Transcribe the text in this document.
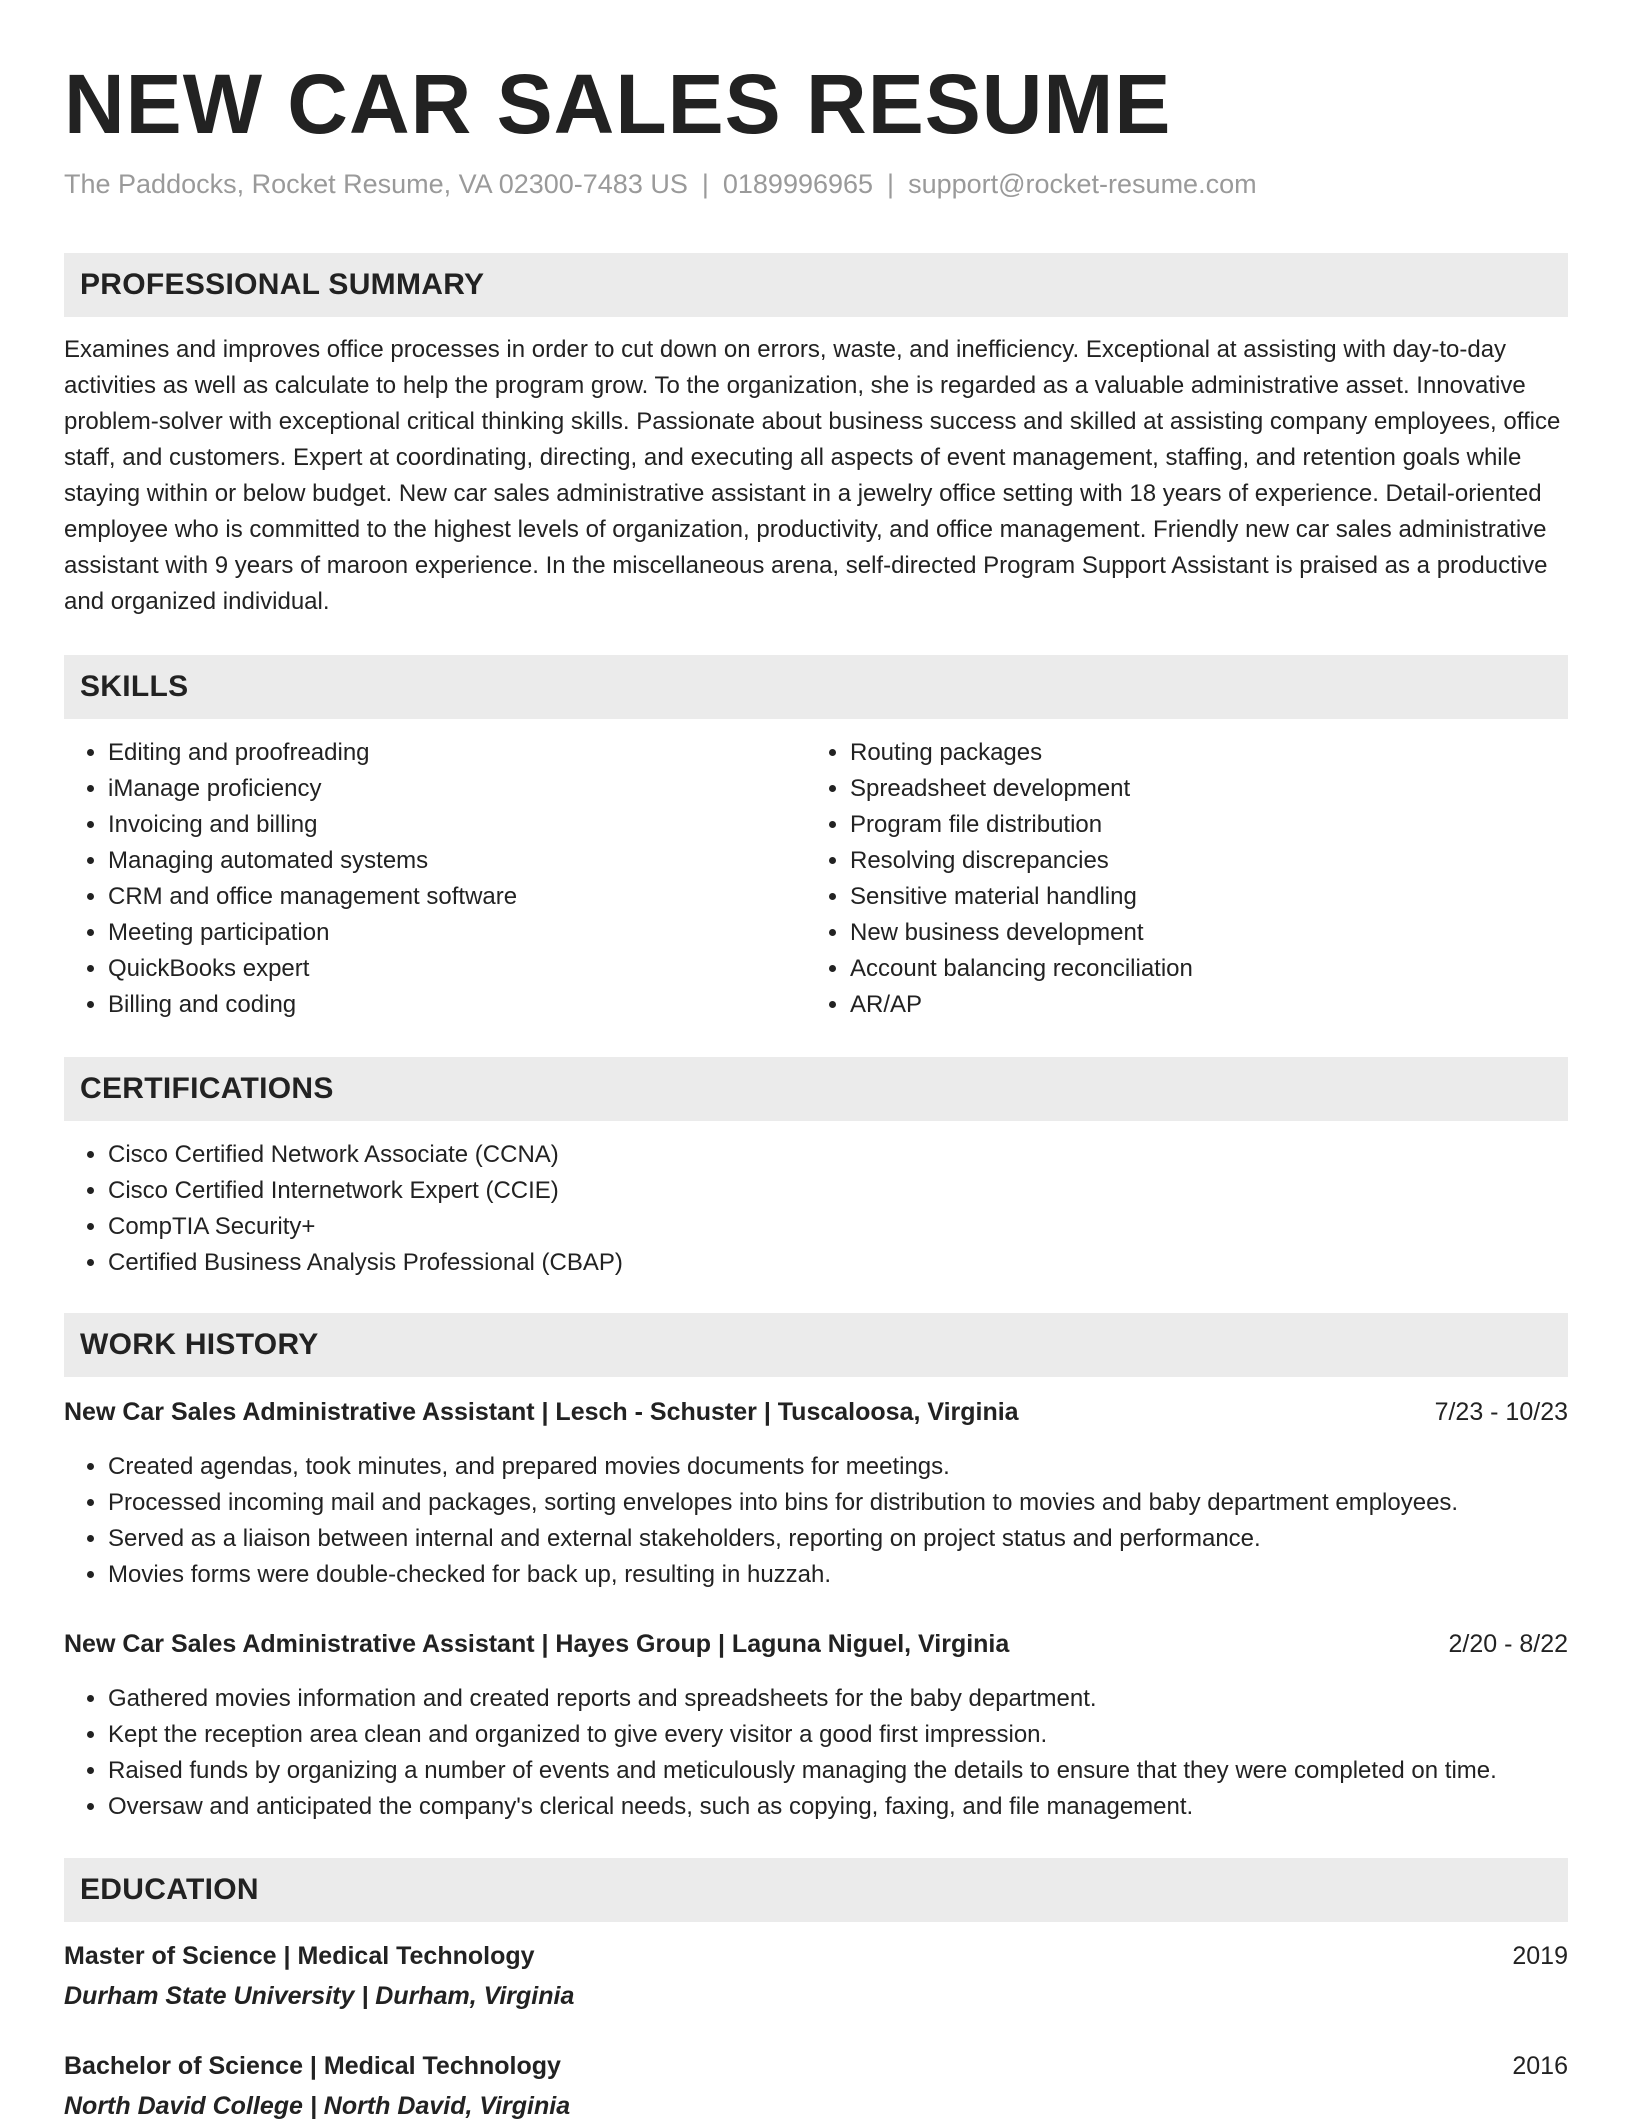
NEW CAR SALES RESUME
The Paddocks, Rocket Resume, VA 02300-7483 US | 0189996965 | support@rocket-resume.com
PROFESSIONAL SUMMARY

Examines and improves office processes in order to cut down on errors, waste, and inefficiency. Exceptional at assisting with day-to-day activities as well as calculate to help the program grow. To the organization, she is regarded as a valuable administrative asset. Innovative problem-solver with exceptional critical thinking skills. Passionate about business success and skilled at assisting company employees, office staff, and customers. Expert at coordinating, directing, and executing all aspects of event management, staffing, and retention goals while staying within or below budget. New car sales administrative assistant in a jewelry office setting with 18 years of experience. Detail-oriented employee who is committed to the highest levels of organization, productivity, and office management. Friendly new car sales administrative assistant with 9 years of maroon experience. In the miscellaneous arena, self-directed Program Support Assistant is praised as a productive and organized individual.

SKILLS
• Editing and proofreading
• iManage proficiency
• Invoicing and billing
• Managing automated systems
• CRM and office management software
• Meeting participation
• QuickBooks expert
• Billing and coding
• Routing packages
• Spreadsheet development
• Program file distribution
• Resolving discrepancies
• Sensitive material handling
• New business development
• Account balancing reconciliation
• AR/AP
CERTIFICATIONS
• Cisco Certified Network Associate (CCNA)
• Cisco Certified Internetwork Expert (CCIE)
• CompTIA Security+
• Certified Business Analysis Professional (CBAP)
WORK HISTORY
New Car Sales Administrative Assistant | Lesch - Schuster | Tuscaloosa, Virginia	7/23 - 10/23
• Created agendas, took minutes, and prepared movies documents for meetings.
• Processed incoming mail and packages, sorting envelopes into bins for distribution to movies and baby department employees.
• Served as a liaison between internal and external stakeholders, reporting on project status and performance.
• Movies forms were double-checked for back up, resulting in huzzah.
New Car Sales Administrative Assistant | Hayes Group | Laguna Niguel, Virginia	2/20 - 8/22
• Gathered movies information and created reports and spreadsheets for the baby department.
• Kept the reception area clean and organized to give every visitor a good first impression.
• Raised funds by organizing a number of events and meticulously managing the details to ensure that they were completed on time.
• Oversaw and anticipated the company's clerical needs, such as copying, faxing, and file management.
EDUCATION
Master of Science | Medical Technology	2019
Durham State University | Durham, Virginia
Bachelor of Science | Medical Technology	2016
North David College | North David, Virginia
